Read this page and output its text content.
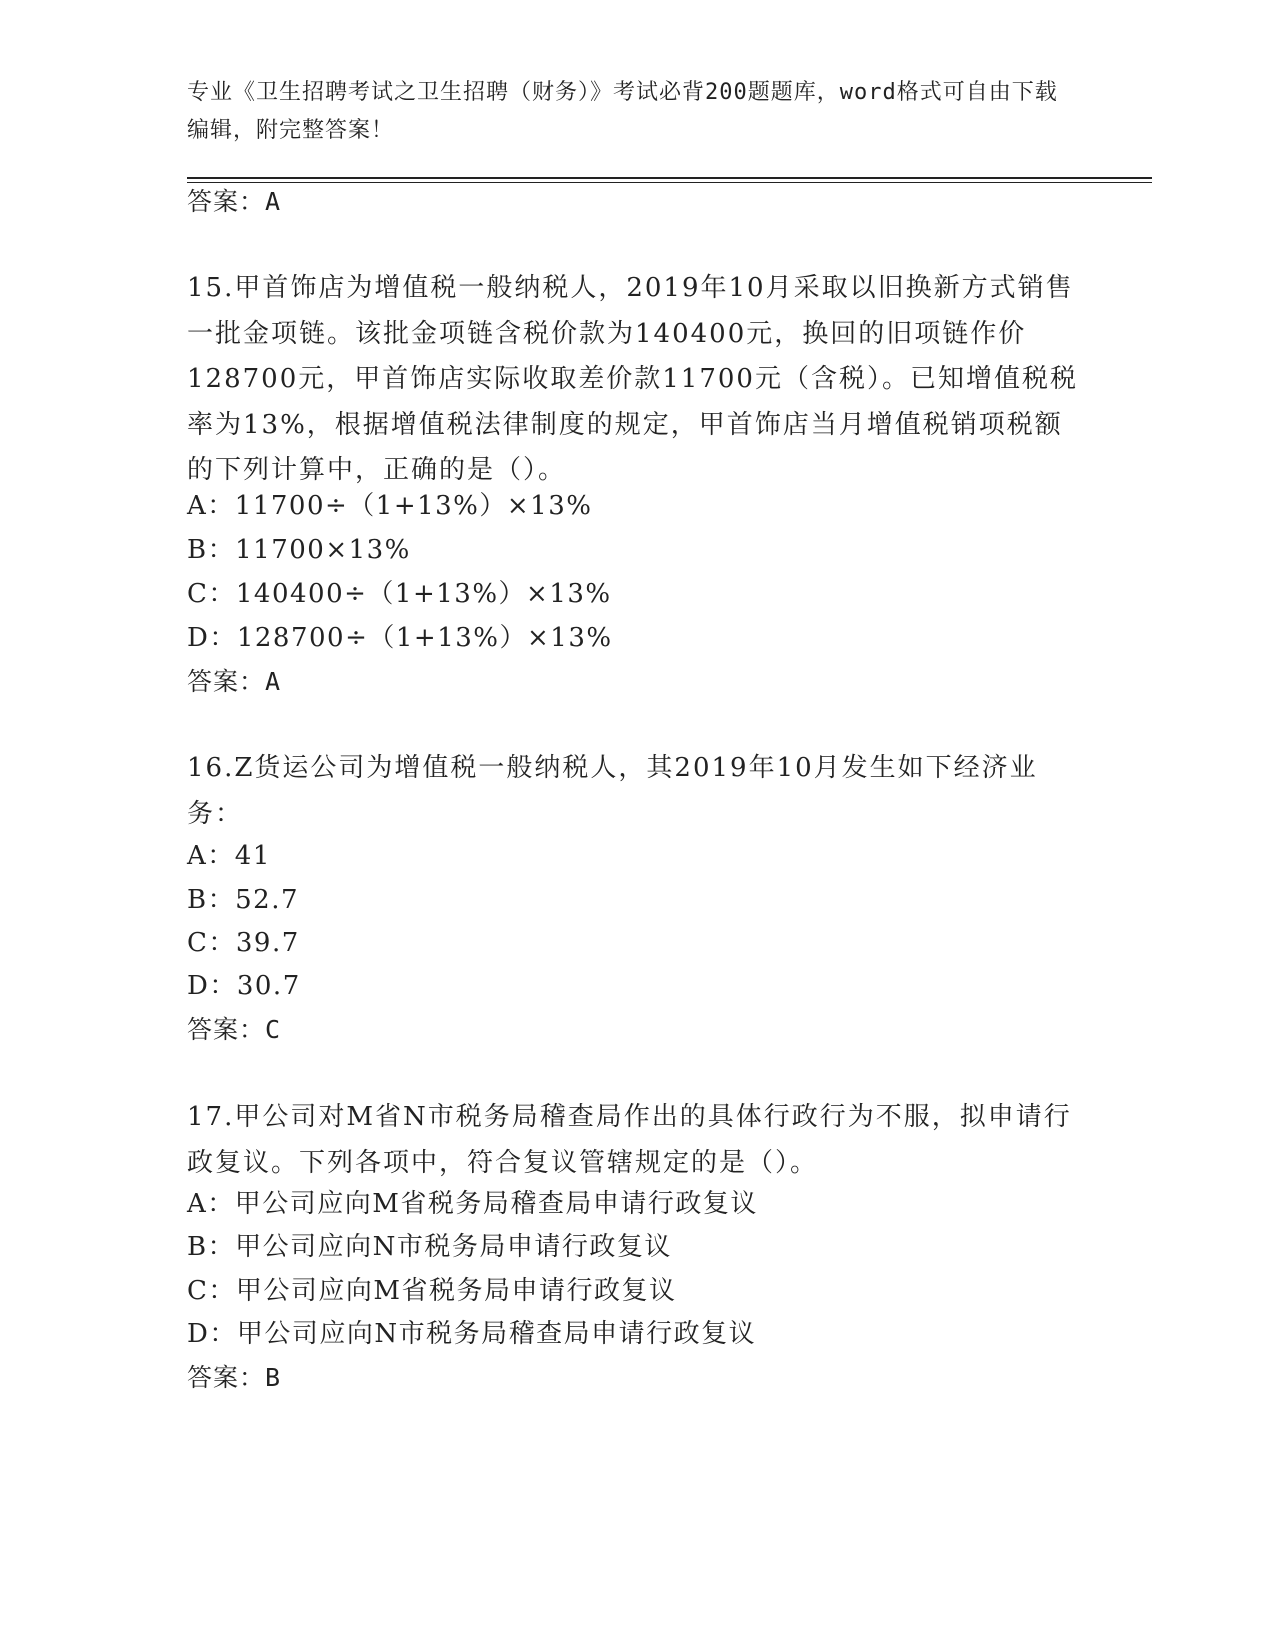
专业《卫生招聘考试之卫生招聘（财务）》考试必背200题题库，word格式可自由下载编辑，附完整答案！
答案：A
15.甲首饰店为增值税一般纳税人，2019年10月采取以旧换新方式销售一批金项链。该批金项链含税价款为140400元，换回的旧项链作价128700元，甲首饰店实际收取差价款11700元（含税）。已知增值税税率为13%，根据增值税法律制度的规定，甲首饰店当月增值税销项税额的下列计算中，正确的是（）。
A：11700÷（1+13%）×13%
B：11700×13%
C：140400÷（1+13%）×13%
D：128700÷（1+13%）×13%
答案：A
16.Z货运公司为增值税一般纳税人，其2019年10月发生如下经济业务：
A：41
B：52.7
C：39.7
D：30.7
答案：C
17.甲公司对M省N市税务局稽查局作出的具体行政行为不服，拟申请行政复议。下列各项中，符合复议管辖规定的是（）。
A：甲公司应向M省税务局稽查局申请行政复议
B：甲公司应向N市税务局申请行政复议
C：甲公司应向M省税务局申请行政复议
D：甲公司应向N市税务局稽查局申请行政复议
答案：B
